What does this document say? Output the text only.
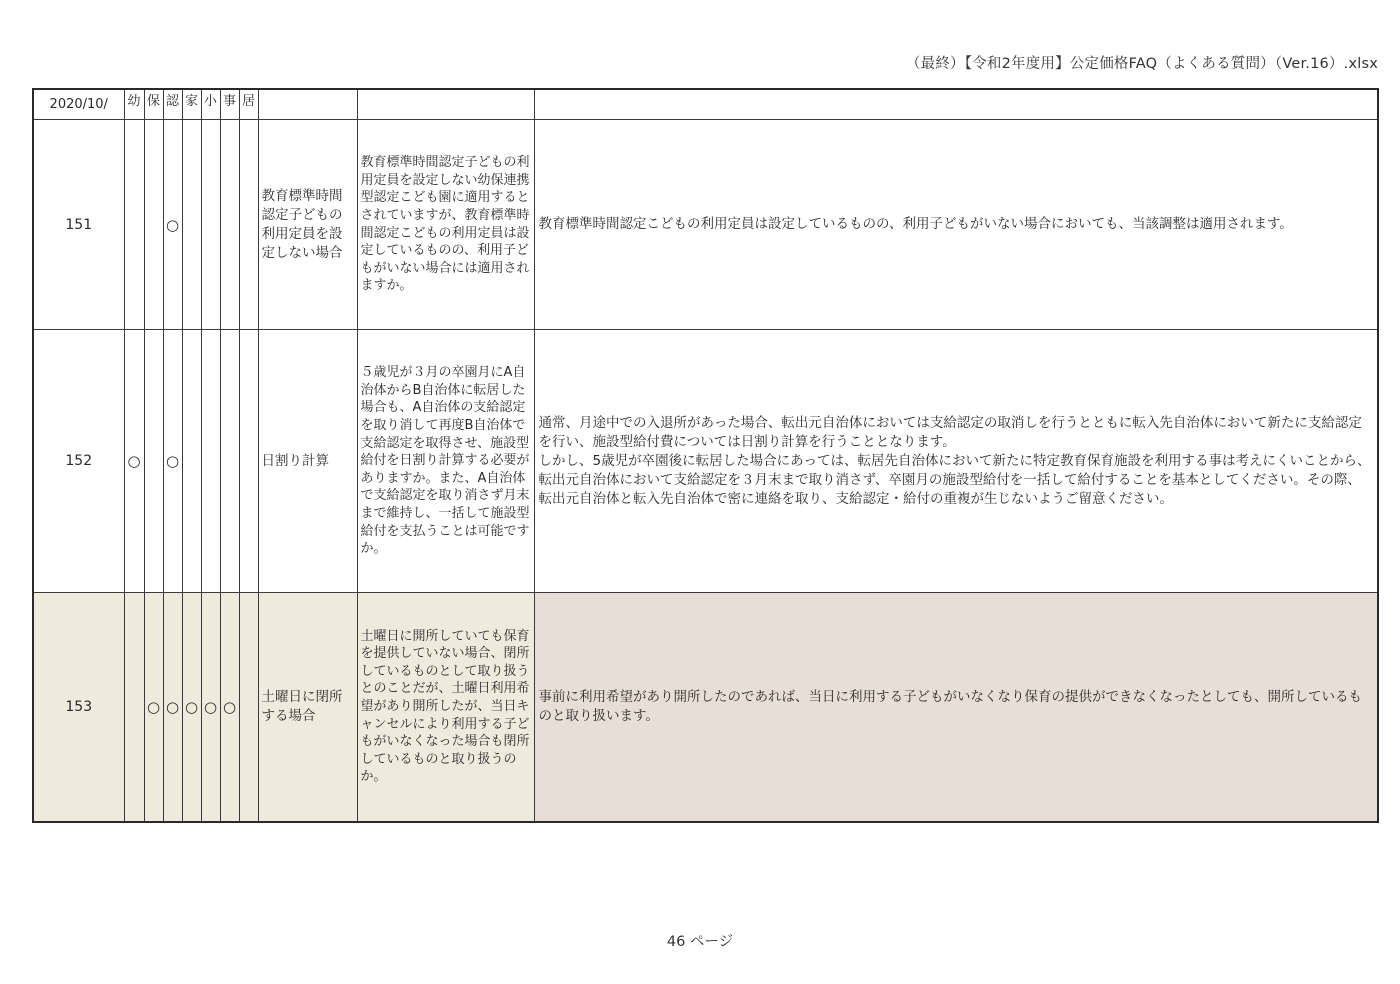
（最終）【令和2年度用】公定価格FAQ（よくある質問）（Ver.16）.xlsx
2020/10/	幼	保	認	家	小	事	居			
151			○					教育標準時間認定子どもの利用定員を設定しない場合	教育標準時間認定子どもの利用定員を設定しない幼保連携型認定こども園に適用するとされていますが、教育標準時間認定こどもの利用定員は設定しているものの、利用子どもがいない場合には適用されますか。	教育標準時間認定こどもの利用定員は設定しているものの、利用子どもがいない場合においても、当該調整は適用されます。

152	○		○					日割り計算	５歳児が３月の卒園月にA自治体からB自治体に転居した場合も、A自治体の支給認定を取り消して再度B自治体で支給認定を取得させ、施設型給付を日割り計算する必要がありますか。また、A自治体で支給認定を取り消さず月末まで維持し、一括して施設型給付を支払うことは可能ですか。	通常、月途中での入退所があった場合、転出元自治体においては支給認定の取消しを行うとともに転入先自治体において新たに支給認定を行い、施設型給付費については日割り計算を行うこととなります。
しかし、5歳児が卒園後に転居した場合にあっては、転居先自治体において新たに特定教育保育施設を利用する事は考えにくいことから、転出元自治体において支給認定を３月末まで取り消さず、卒園月の施設型給付を一括して給付することを基本としてください。その際、転出元自治体と転入先自治体で密に連絡を取り、支給認定・給付の重複が生じないようご留意ください。

153		○	○	○	○	○		土曜日に閉所する場合	土曜日に開所していても保育を提供していない場合、閉所しているものとして取り扱うとのことだが、土曜日利用希望があり開所したが、当日キャンセルにより利用する子どもがいなくなった場合も閉所しているものと取り扱うのか。	事前に利用希望があり開所したのであれば、当日に利用する子どもがいなくなり保育の提供ができなくなったとしても、開所しているものと取り扱います。
46 ページ
